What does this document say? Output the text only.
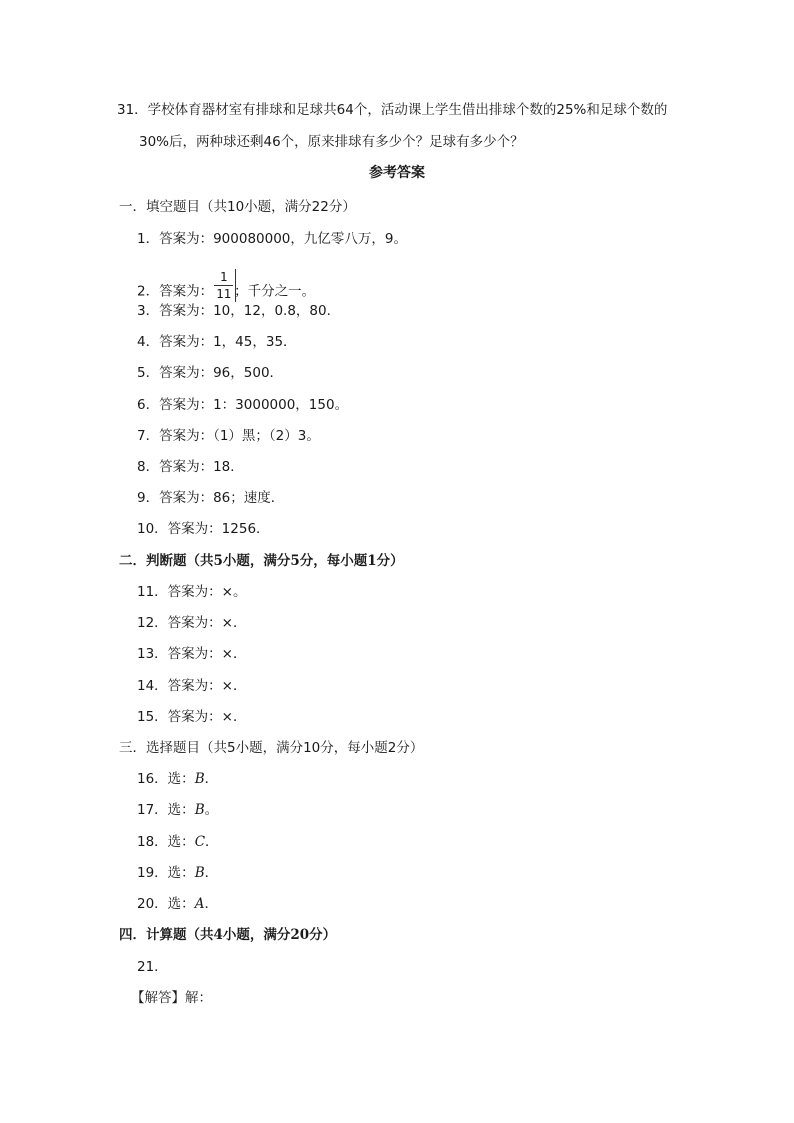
31．学校体育器材室有排球和足球共64个，活动课上学生借出排球个数的25%和足球个数的
30%后，两种球还剩46个，原来排球有多少个？足球有多少个？
参考答案
一．填空题目（共10小题，满分22分）
1．答案为：900080000，九亿零八万，9。
2．答案为： $\frac{1}{11}$ ；千分之一。
3．答案为：10，12，0.8，80．
4．答案为：1，45，35．
5．答案为：96，500．
6．答案为：1：3000000，150。
7．答案为：（1）黑；（2）3。
8．答案为：18．
9．答案为：86；速度．
10．答案为：1256．
二．判断题（共5小题，满分5分，每小题1分）
11．答案为：×。
12．答案为：×．
13．答案为：×．
14．答案为：×．
15．答案为：×．
三．选择题目（共5小题，满分10分，每小题2分）
16．选：B．
17．选：B。
18．选：C．
19．选：B．
20．选：A．
四．计算题（共4小题，满分20分）
21．
【解答】解：
